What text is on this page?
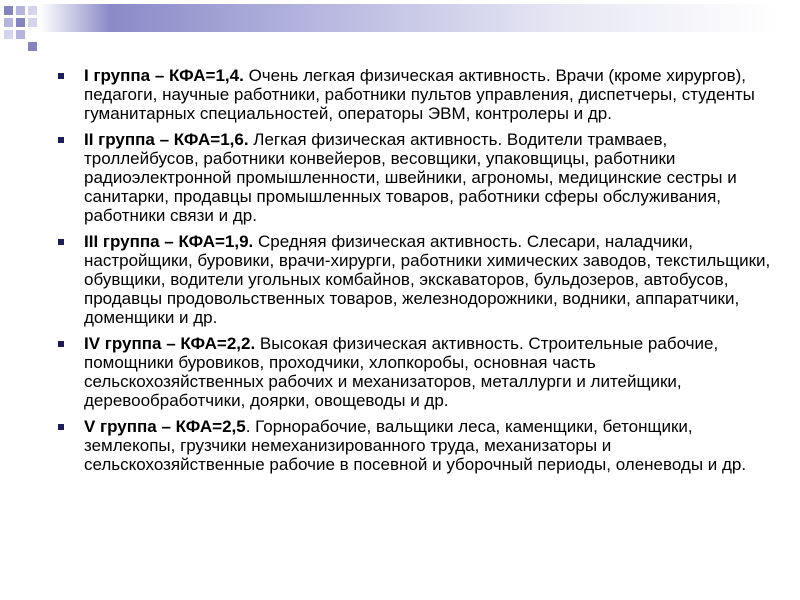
I группа – КФА=1,4. Очень легкая физическая активность. Врачи (кроме хирургов), педагоги, научные работники, работники пультов управления, диспетчеры, студенты гуманитарных специальностей, операторы ЭВМ, контролеры и др.
II группа – КФА=1,6. Легкая физическая активность. Водители трамваев, троллейбусов, работники конвейеров, весовщики, упаковщицы, работники радиоэлектронной промышленности, швейники, агрономы, медицинские сестры и санитарки, продавцы промышленных товаров, работники сферы обслуживания, работники связи и др.
III группа – КФА=1,9. Средняя физическая активность. Слесари, наладчики, настройщики, буровики, врачи-хирурги, работники химических заводов, текстильщики, обувщики, водители угольных комбайнов, экскаваторов, бульдозеров, автобусов, продавцы продовольственных товаров, железнодорожники, водники, аппаратчики, доменщики и др.
IV группа – КФА=2,2. Высокая физическая активность. Строительные рабочие, помощники буровиков, проходчики, хлопкоробы, основная часть сельскохозяйственных рабочих и механизаторов, металлурги и литейщики, деревообработчики, доярки, овощеводы и др.
V группа – КФА=2,5. Горнорабочие, вальщики леса, каменщики, бетонщики, землекопы, грузчики немеханизированного труда, механизаторы и сельскохозяйственные рабочие в посевной и уборочный периоды, оленеводы и др.
